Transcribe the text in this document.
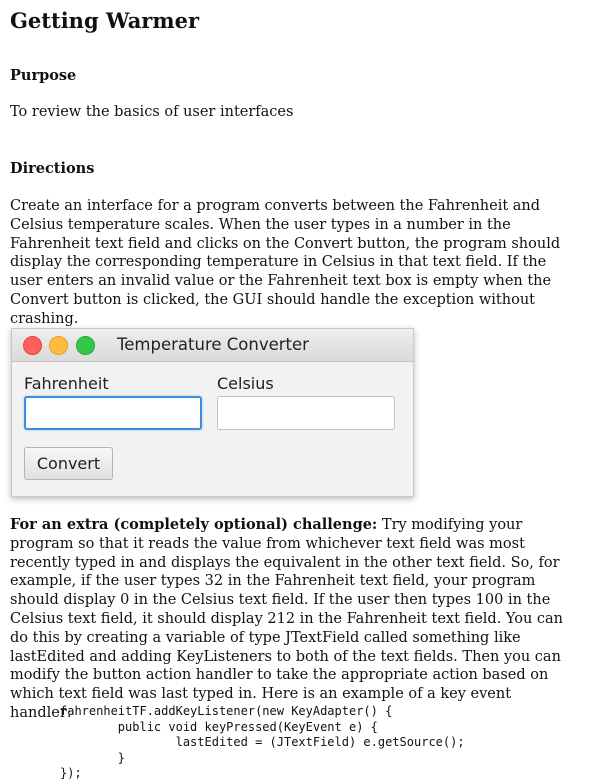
Getting Warmer
Purpose

To review the basics of user interfaces

Directions

Create an interface for a program converts between the Fahrenheit and Celsius temperature scales. When the user types in a number in the Fahrenheit text field and clicks on the Convert button, the program should display the corresponding temperature in Celsius in that text field. If the user enters an invalid value or the Fahrenheit text box is empty when the Convert button is clicked, the GUI should handle the exception without crashing.

Temperature Converter
Fahrenheit	Celsius
Convert

For an extra (completely optional) challenge: Try modifying your program so that it reads the value from whichever text field was most recently typed in and displays the equivalent in the other text field. So, for example, if the user types 32 in the Fahrenheit text field, your program should display 0 in the Celsius text field. If the user then types 100 in the Celsius text field, it should display 212 in the Fahrenheit text field. You can do this by creating a variable of type JTextField called something like lastEdited and adding KeyListeners to both of the text fields. Then you can modify the button action handler to take the appropriate action based on which text field was last typed in. Here is an example of a key event handler:

fahrenheitTF.addKeyListener(new KeyAdapter() {
public void keyPressed(KeyEvent e) {
lastEdited = (JTextField) e.getSource();
}
});
